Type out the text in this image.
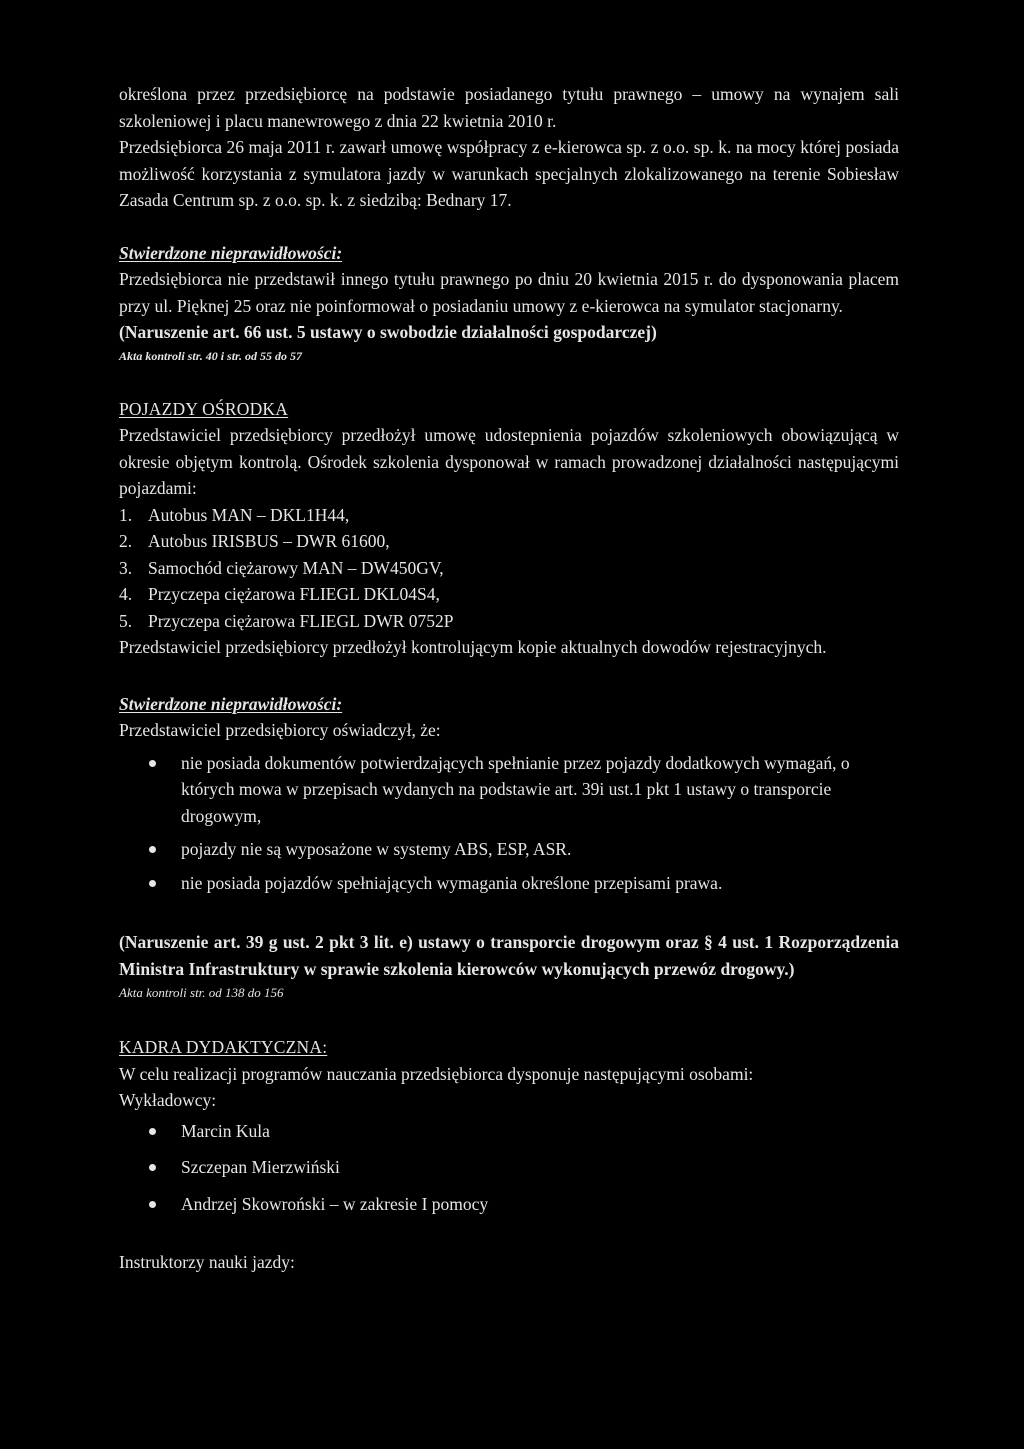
określona przez przedsiębiorcę na podstawie posiadanego tytułu prawnego – umowy na wynajem sali szkoleniowej i placu manewrowego z dnia 22 kwietnia 2010 r.

Przedsiębiorca 26 maja 2011 r. zawarł umowę współpracy z e-kierowca sp. z o.o. sp. k. na mocy której posiada możliwość korzystania z symulatora jazdy w warunkach specjalnych zlokalizowanego na terenie Sobiesław Zasada Centrum sp. z o.o. sp. k. z siedzibą: Bednary 17.

Stwierdzone nieprawidłowości:

Przedsiębiorca nie przedstawił innego tytułu prawnego po dniu 20 kwietnia 2015 r. do dysponowania placem przy ul. Pięknej 25 oraz nie poinformował o posiadaniu umowy z e-kierowca na symulator stacjonarny.

(Naruszenie art. 66 ust. 5 ustawy o swobodzie działalności gospodarczej)

Akta kontroli str. 40 i str. od 55 do 57

POJAZDY OŚRODKA

Przedstawiciel przedsiębiorcy przedłożył umowę udostepnienia pojazdów szkoleniowych obowiązującą w okresie objętym kontrolą. Ośrodek szkolenia dysponował w ramach prowadzonej działalności następującymi pojazdami:

1. Autobus MAN – DKL1H44,
2. Autobus IRISBUS – DWR 61600,
3. Samochód ciężarowy MAN – DW450GV,
4. Przyczepa ciężarowa FLIEGL DKL04S4,
5. Przyczepa ciężarowa FLIEGL DWR 0752P

Przedstawiciel przedsiębiorcy przedłożył kontrolującym kopie aktualnych dowodów rejestracyjnych.

Stwierdzone nieprawidłowości:

Przedstawiciel przedsiębiorcy oświadczył, że:

nie posiada dokumentów potwierdzających spełnianie przez pojazdy dodatkowych wymagań, o których mowa w przepisach wydanych na podstawie art. 39i ust.1 pkt 1 ustawy o transporcie drogowym,
pojazdy nie są wyposażone w systemy ABS, ESP, ASR.
nie posiada pojazdów spełniających wymagania określone przepisami prawa.

(Naruszenie art. 39 g ust. 2 pkt 3 lit. e) ustawy o transporcie drogowym oraz § 4 ust. 1 Rozporządzenia Ministra Infrastruktury w sprawie szkolenia kierowców wykonujących przewóz drogowy.)

Akta kontroli str. od 138 do 156

KADRA DYDAKTYCZNA:

W celu realizacji programów nauczania przedsiębiorca dysponuje następującymi osobami:

Wykładowcy:

Marcin Kula
Szczepan Mierzwiński
Andrzej Skowroński – w zakresie I pomocy

Instruktorzy nauki jazdy:
